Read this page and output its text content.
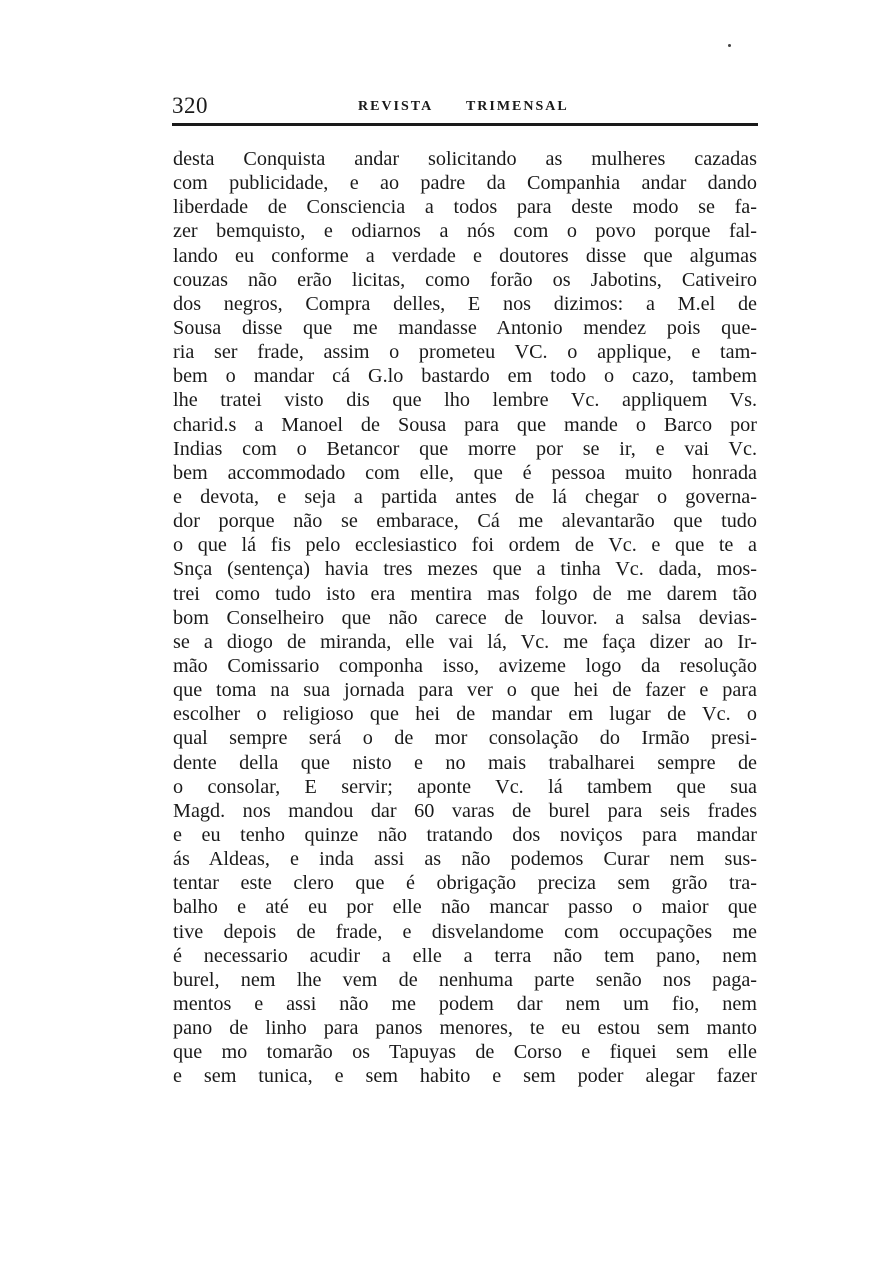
320	REVISTA TRIMENSAL
desta Conquista andar solicitando as mulheres cazadas
com publicidade, e ao padre da Companhia andar dando
liberdade de Consciencia a todos para deste modo se fa-
zer bemquisto, e odiarnos a nós com o povo porque fal-
lando eu conforme a verdade e doutores disse que algumas
couzas não erão licitas, como forão os Jabotins, Cativeiro
dos negros, Compra delles, E nos dizimos: a M.el de
Sousa disse que me mandasse Antonio mendez pois que-
ria ser frade, assim o prometeu VC. o applique, e tam-
bem o mandar cá G.lo bastardo em todo o cazo, tambem
lhe tratei visto dis que lho lembre Vc. appliquem Vs.
charid.s a Manoel de Sousa para que mande o Barco por
Indias com o Betancor que morre por se ir, e vai Vc.
bem accommodado com elle, que é pessoa muito honrada
e devota, e seja a partida antes de lá chegar o governa-
dor porque não se embarace, Cá me alevantarão que tudo
o que lá fis pelo ecclesiastico foi ordem de Vc. e que te a
Snça (sentença) havia tres mezes que a tinha Vc. dada, mos-
trei como tudo isto era mentira mas folgo de me darem tão
bom Conselheiro que não carece de louvor. a salsa devias-
se a diogo de miranda, elle vai lá, Vc. me faça dizer ao Ir-
mão Comissario componha isso, avizeme logo da resolução
que toma na sua jornada para ver o que hei de fazer e para
escolher o religioso que hei de mandar em lugar de Vc. o
qual sempre será o de mor consolação do Irmão presi-
dente della que nisto e no mais trabalharei sempre de
o consolar, E servir; aponte Vc. lá tambem que sua
Magd. nos mandou dar 60 varas de burel para seis frades
e eu tenho quinze não tratando dos noviços para mandar
ás Aldeas, e inda assi as não podemos Curar nem sus-
tentar este clero que é obrigação preciza sem grão tra-
balho e até eu por elle não mancar passo o maior que
tive depois de frade, e disvelandome com occupações me
é necessario acudir a elle a terra não tem pano, nem
burel, nem lhe vem de nenhuma parte senão nos paga-
mentos e assi não me podem dar nem um fio, nem
pano de linho para panos menores, te eu estou sem manto
que mo tomarão os Tapuyas de Corso e fiquei sem elle
e sem tunica, e sem habito e sem poder alegar fazer
